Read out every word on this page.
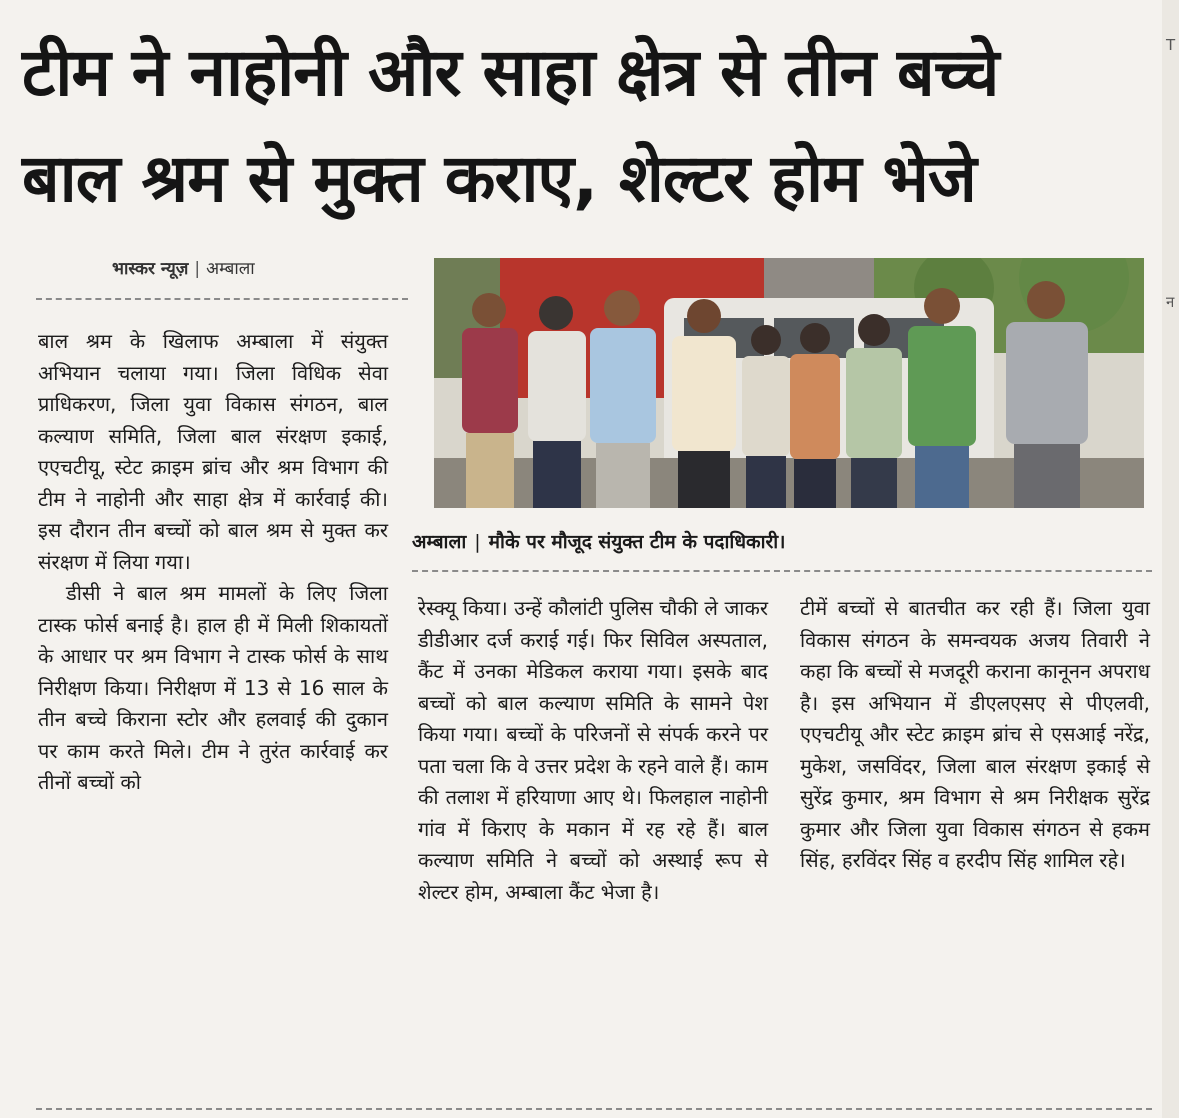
T
न
टीम ने नाहोनी और साहा क्षेत्र से तीन बच्चे
बाल श्रम से मुक्त कराए, शेल्टर होम भेजे
भास्कर न्यूज़ | अम्बाला
अम्बाला | मौके पर मौजूद संयुक्त टीम के पदाधिकारी।

बाल श्रम के खिलाफ अम्बाला में संयुक्त अभियान चलाया गया। जिला विधिक सेवा प्राधिकरण, जिला युवा विकास संगठन, बाल कल्याण समिति, जिला बाल संरक्षण इकाई, एएचटीयू, स्टेट क्राइम ब्रांच और श्रम विभाग की टीम ने नाहोनी और साहा क्षेत्र में कार्रवाई की। इस दौरान तीन बच्चों को बाल श्रम से मुक्त कर संरक्षण में लिया गया।

डीसी ने बाल श्रम मामलों के लिए जिला टास्क फोर्स बनाई है। हाल ही में मिली शिकायतों के आधार पर श्रम विभाग ने टास्क फोर्स के साथ निरीक्षण किया। निरीक्षण में 13 से 16 साल के तीन बच्चे किराना स्टोर और हलवाई की दुकान पर काम करते मिले। टीम ने तुरंत कार्रवाई कर तीनों बच्चों को

रेस्क्यू किया। उन्हें कौलांटी पुलिस चौकी ले जाकर डीडीआर दर्ज कराई गई। फिर सिविल अस्पताल, कैंट में उनका मेडिकल कराया गया। इसके बाद बच्चों को बाल कल्याण समिति के सामने पेश किया गया। बच्चों के परिजनों से संपर्क करने पर पता चला कि वे उत्तर प्रदेश के रहने वाले हैं। काम की तलाश में हरियाणा आए थे। फिलहाल नाहोनी गांव में किराए के मकान में रह रहे हैं। बाल कल्याण समिति ने बच्चों को अस्थाई रूप से शेल्टर होम, अम्बाला कैंट भेजा है।

टीमें बच्चों से बातचीत कर रही हैं। जिला युवा विकास संगठन के समन्वयक अजय तिवारी ने कहा कि बच्चों से मजदूरी कराना कानूनन अपराध है। इस अभियान में डीएलएसए से पीएलवी, एएचटीयू और स्टेट क्राइम ब्रांच से एसआई नरेंद्र, मुकेश, जसविंदर, जिला बाल संरक्षण इकाई से सुरेंद्र कुमार, श्रम विभाग से श्रम निरीक्षक सुरेंद्र कुमार और जिला युवा विकास संगठन से हकम सिंह, हरविंदर सिंह व हरदीप सिंह शामिल रहे।
